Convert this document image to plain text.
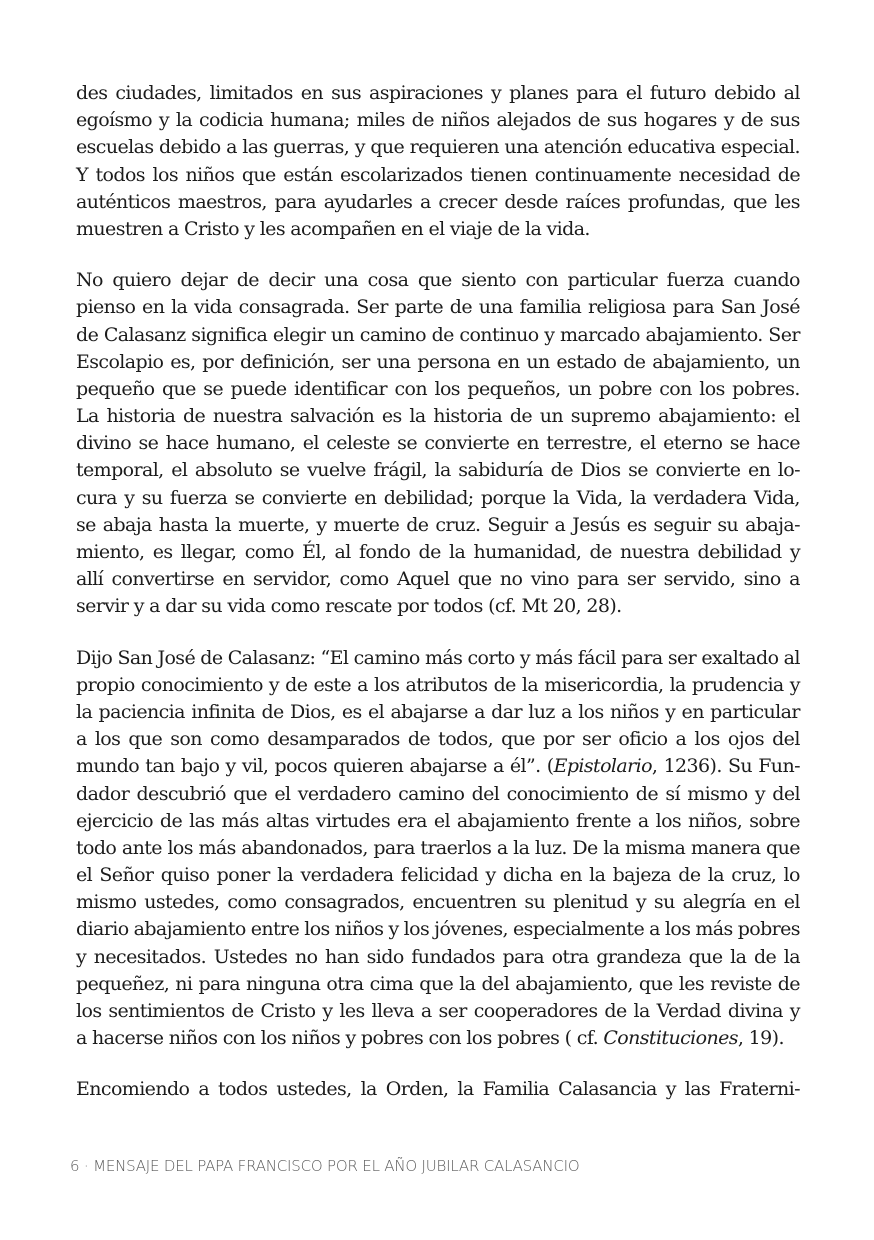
des ciudades, limitados en sus aspiraciones y planes para el futuro debido al
egoísmo y la codicia humana; miles de niños alejados de sus hogares y de sus
escuelas debido a las guerras, y que requieren una atención educativa especial.
Y todos los niños que están escolarizados tienen continuamente necesidad de
auténticos maestros, para ayudarles a crecer desde raíces profundas, que les
muestren a Cristo y les acompañen en el viaje de la vida.
No quiero dejar de decir una cosa que siento con particular fuerza cuando
pienso en la vida consagrada. Ser parte de una familia religiosa para San José
de Calasanz significa elegir un camino de continuo y marcado abajamiento. Ser
Escolapio es, por definición, ser una persona en un estado de abajamiento, un
pequeño que se puede identificar con los pequeños, un pobre con los pobres.
La historia de nuestra salvación es la historia de un supremo abajamiento: el
divino se hace humano, el celeste se convierte en terrestre, el eterno se hace
temporal, el absoluto se vuelve frágil, la sabiduría de Dios se convierte en lo-
cura y su fuerza se convierte en debilidad; porque la Vida, la verdadera Vida,
se abaja hasta la muerte, y muerte de cruz. Seguir a Jesús es seguir su abaja-
miento, es llegar, como Él, al fondo de la humanidad, de nuestra debilidad y
allí convertirse en servidor, como Aquel que no vino para ser servido, sino a
servir y a dar su vida como rescate por todos (cf. Mt 20, 28).
Dijo San José de Calasanz: “El camino más corto y más fácil para ser exaltado al
propio conocimiento y de este a los atributos de la misericordia, la prudencia y
la paciencia infinita de Dios, es el abajarse a dar luz a los niños y en particular
a los que son como desamparados de todos, que por ser oficio a los ojos del
mundo tan bajo y vil, pocos quieren abajarse a él”. (Epistolario, 1236). Su Fun-
dador descubrió que el verdadero camino del conocimiento de sí mismo y del
ejercicio de las más altas virtudes era el abajamiento frente a los niños, sobre
todo ante los más abandonados, para traerlos a la luz. De la misma manera que
el Señor quiso poner la verdadera felicidad y dicha en la bajeza de la cruz, lo
mismo ustedes, como consagrados, encuentren su plenitud y su alegría en el
diario abajamiento entre los niños y los jóvenes, especialmente a los más pobres
y necesitados. Ustedes no han sido fundados para otra grandeza que la de la
pequeñez, ni para ninguna otra cima que la del abajamiento, que les reviste de
los sentimientos de Cristo y les lleva a ser cooperadores de la Verdad divina y
a hacerse niños con los niños y pobres con los pobres ( cf. Constituciones, 19).
Encomiendo a todos ustedes, la Orden, la Familia Calasancia y las Fraterni-
6 · MENSAJE DEL PAPA FRANCISCO POR EL AÑO JUBILAR CALASANCIO
